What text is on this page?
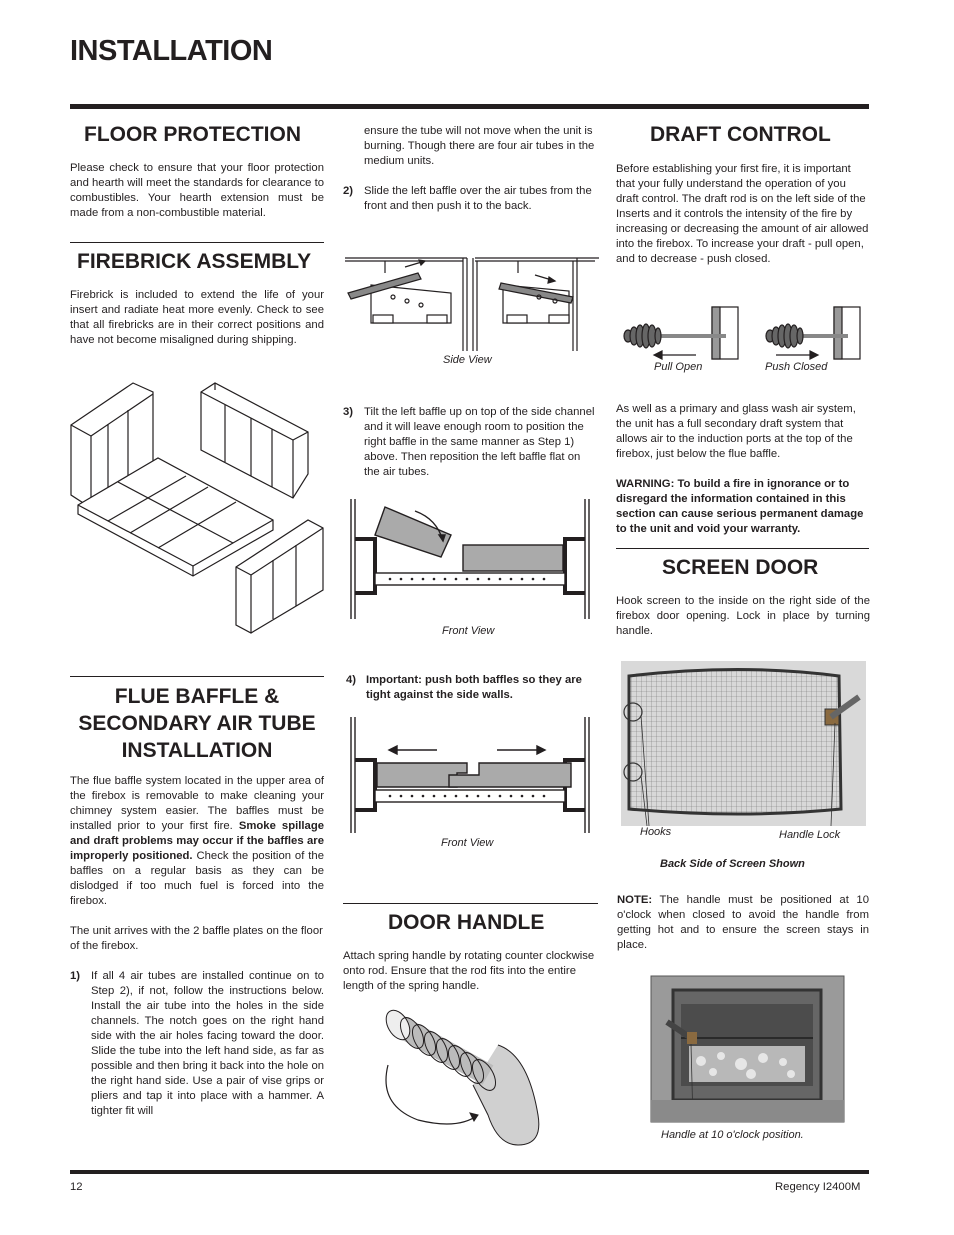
INSTALLATION
FLOOR PROTECTION
Please check to ensure that your floor protection and hearth will meet the standards for clearance to combustibles. Your hearth extension must be made from a non-combustible material.
FIREBRICK ASSEMBLY
Firebrick is included to extend the life of your insert and radiate heat more evenly. Check to see that all firebricks are in their correct positions and have not become misaligned during shipping.
FLUE BAFFLE &
SECONDARY AIR TUBE
INSTALLATION
The flue baffle system located in the upper area of the firebox is removable to make cleaning your chimney system easier. The baffles must be installed prior to your first fire. Smoke spillage and draft problems may occur if the baffles are improperly positioned. Check the position of the baffles on a regular basis as they can be dislodged if too much fuel is forced into the firebox.
The unit arrives with the 2 baffle plates on the floor of the firebox.
1) If all 4 air tubes are installed continue on to Step 2), if not, follow the instructions below. Install the air tube into the holes in the side channels. The notch goes on the right hand side with the air holes facing toward the door. Slide the tube into the left hand side, as far as possible and then bring it back into the hole on the right hand side. Use a pair of vise grips or pliers and tap it into place with a hammer. A tighter fit will
ensure the tube will not move when the unit is burning. Though there are four air tubes in the medium units.
2) Slide the left baffle over the air tubes from the front and then push it to the back.
Side View
3) Tilt the left baffle up on top of the side channel and it will leave enough room to position the right baffle in the same manner as Step 1) above. Then reposition the left baffle flat on the air tubes.
Front View
4) Important: push both baffles so they are tight against the side walls.
Front View
DOOR HANDLE
Attach spring handle by rotating counter clockwise onto rod. Ensure that the rod fits into the entire length of the spring handle.
DRAFT CONTROL
Before establishing your first fire, it is important that your fully understand the operation of you draft control. The draft rod is on the left side of the Inserts and it controls the intensity of the fire by increasing or decreasing the amount of air allowed into the firebox. To increase your draft - pull open, and to decrease - push closed.
Pull Open	Push Closed
As well as a primary and glass wash air system, the unit has a full secondary draft system that allows air to the induction ports at the top of the firebox, just below the flue baffle.
WARNING: To build a fire in ignorance or to disregard the information contained in this section can cause serious permanent damage to the unit and void your warranty.
SCREEN DOOR
Hook screen to the inside on the right side of the firebox door opening. Lock in place by turning handle.
Hooks	Handle Lock
Back Side of Screen Shown
NOTE: The handle must be positioned at 10 o'clock when closed to avoid the handle from getting hot and to ensure the screen stays in place.
Handle at 10 o'clock position.
12	Regency I2400M
